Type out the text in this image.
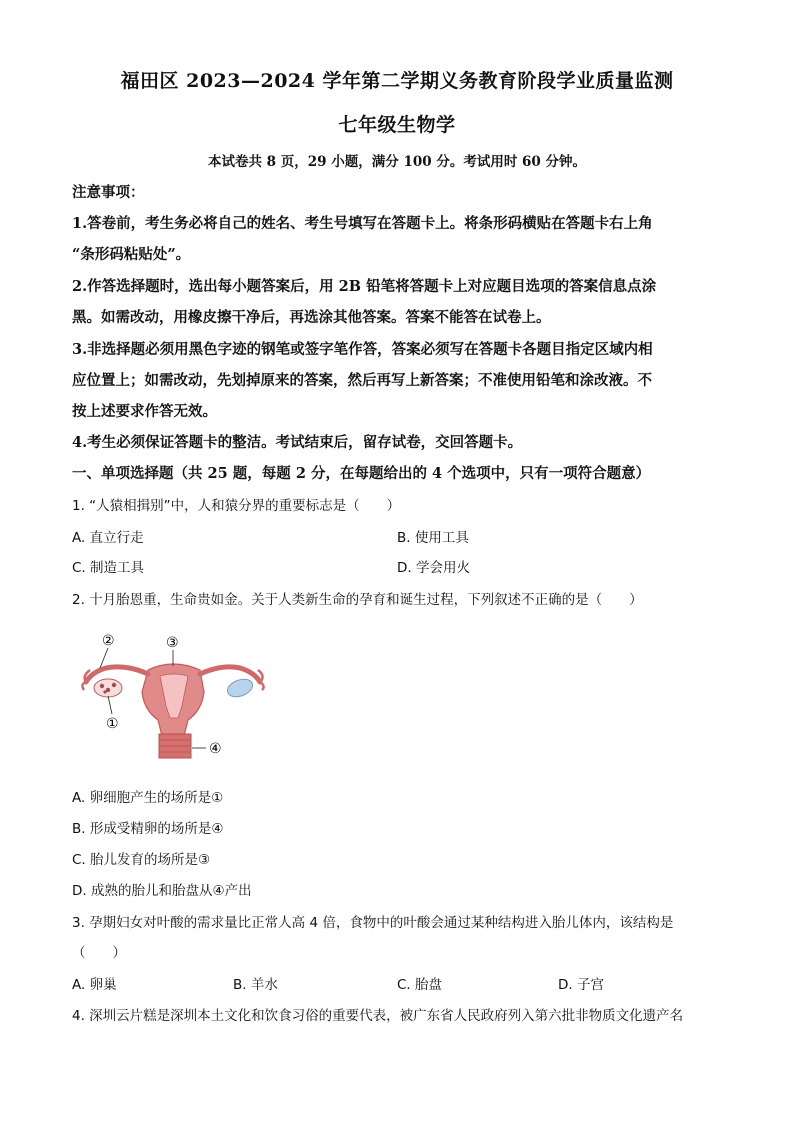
福田区 2023—2024 学年第二学期义务教育阶段学业质量监测
七年级生物学
本试卷共 8 页，29 小题，满分 100 分。考试用时 60 分钟。
注意事项：
1.答卷前，考生务必将自己的姓名、考生号填写在答题卡上。将条形码横贴在答题卡右上角
“条形码粘贴处”。
2.作答选择题时，选出每小题答案后，用 2B 铅笔将答题卡上对应题目选项的答案信息点涂
黑。如需改动，用橡皮擦干净后，再选涂其他答案。答案不能答在试卷上。
3.非选择题必须用黑色字迹的钢笔或签字笔作答，答案必须写在答题卡各题目指定区域内相
应位置上；如需改动，先划掉原来的答案，然后再写上新答案；不准使用铅笔和涂改液。不
按上述要求作答无效。
4.考生必须保证答题卡的整洁。考试结束后，留存试卷，交回答题卡。
一、单项选择题（共 25 题，每题 2 分，在每题给出的 4 个选项中，只有一项符合题意）
1. “人猿相揖别”中，人和猿分界的重要标志是（　　）
A. 直立行走	B. 使用工具
C. 制造工具	D. 学会用火
2. 十月胎恩重，生命贵如金。关于人类新生命的孕育和诞生过程，下列叙述不正确的是（　　）
②	③
①
④
A. 卵细胞产生的场所是①
B. 形成受精卵的场所是④
C. 胎儿发育的场所是③
D. 成熟的胎儿和胎盘从④产出
3. 孕期妇女对叶酸的需求量比正常人高 4 倍，食物中的叶酸会通过某种结构进入胎儿体内，该结构是
（　　）
A. 卵巢	B. 羊水	C. 胎盘	D. 子宫
4. 深圳云片糕是深圳本土文化和饮食习俗的重要代表，被广东省人民政府列入第六批非物质文化遗产名
